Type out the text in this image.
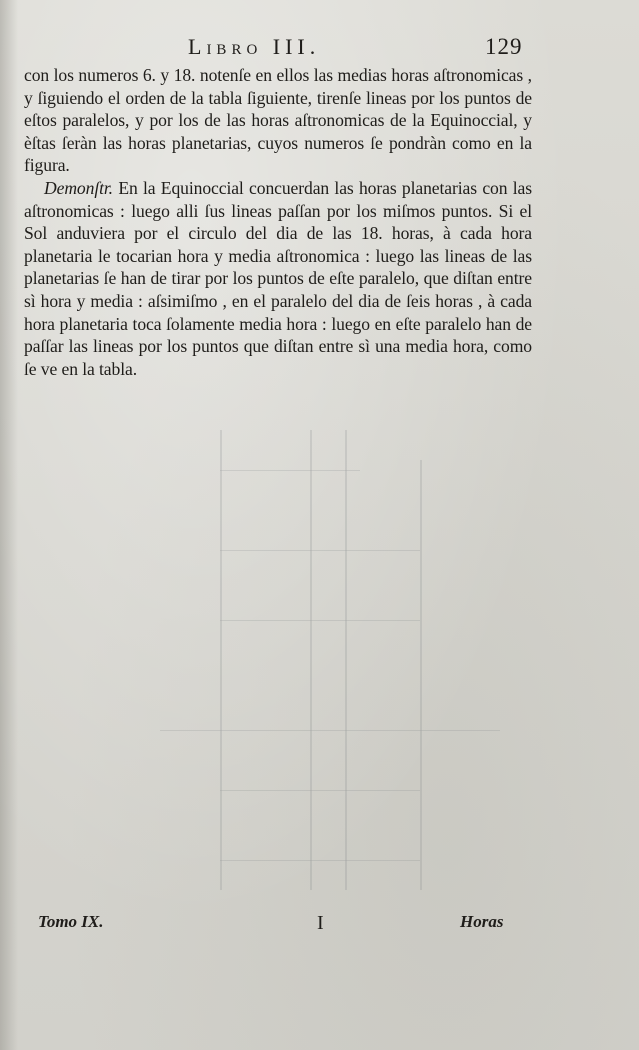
Libro III.	129

con los numeros 6. y 18. notenſe en ellos las medias horas aſtronomicas , y ſiguiendo el orden de la tabla ſiguiente, tirenſe lineas por los puntos de eſtos paralelos, y por los de las horas aſtronomicas de la Equinoccial, y èſtas ſeràn las horas planetarias, cuyos numeros ſe pondràn como en la figura.

Demonſtr. En la Equinoccial concuerdan las horas planetarias con las aſtronomicas : luego alli ſus lineas paſſan por los miſmos puntos. Si el Sol anduviera por el circulo del dia de las 18. horas, à cada hora planetaria le tocarian hora y media aſtronomica : luego las lineas de las planetarias ſe han de tirar por los puntos de eſte paralelo, que diſtan entre sì hora y media : aſsimiſmo , en el paralelo del dia de ſeis horas , à cada hora planetaria toca ſolamente media hora : luego en eſte paralelo han de paſſar las lineas por los puntos que diſtan entre sì una media hora, como ſe ve en la tabla.

Tomo IX.	I	Horas
